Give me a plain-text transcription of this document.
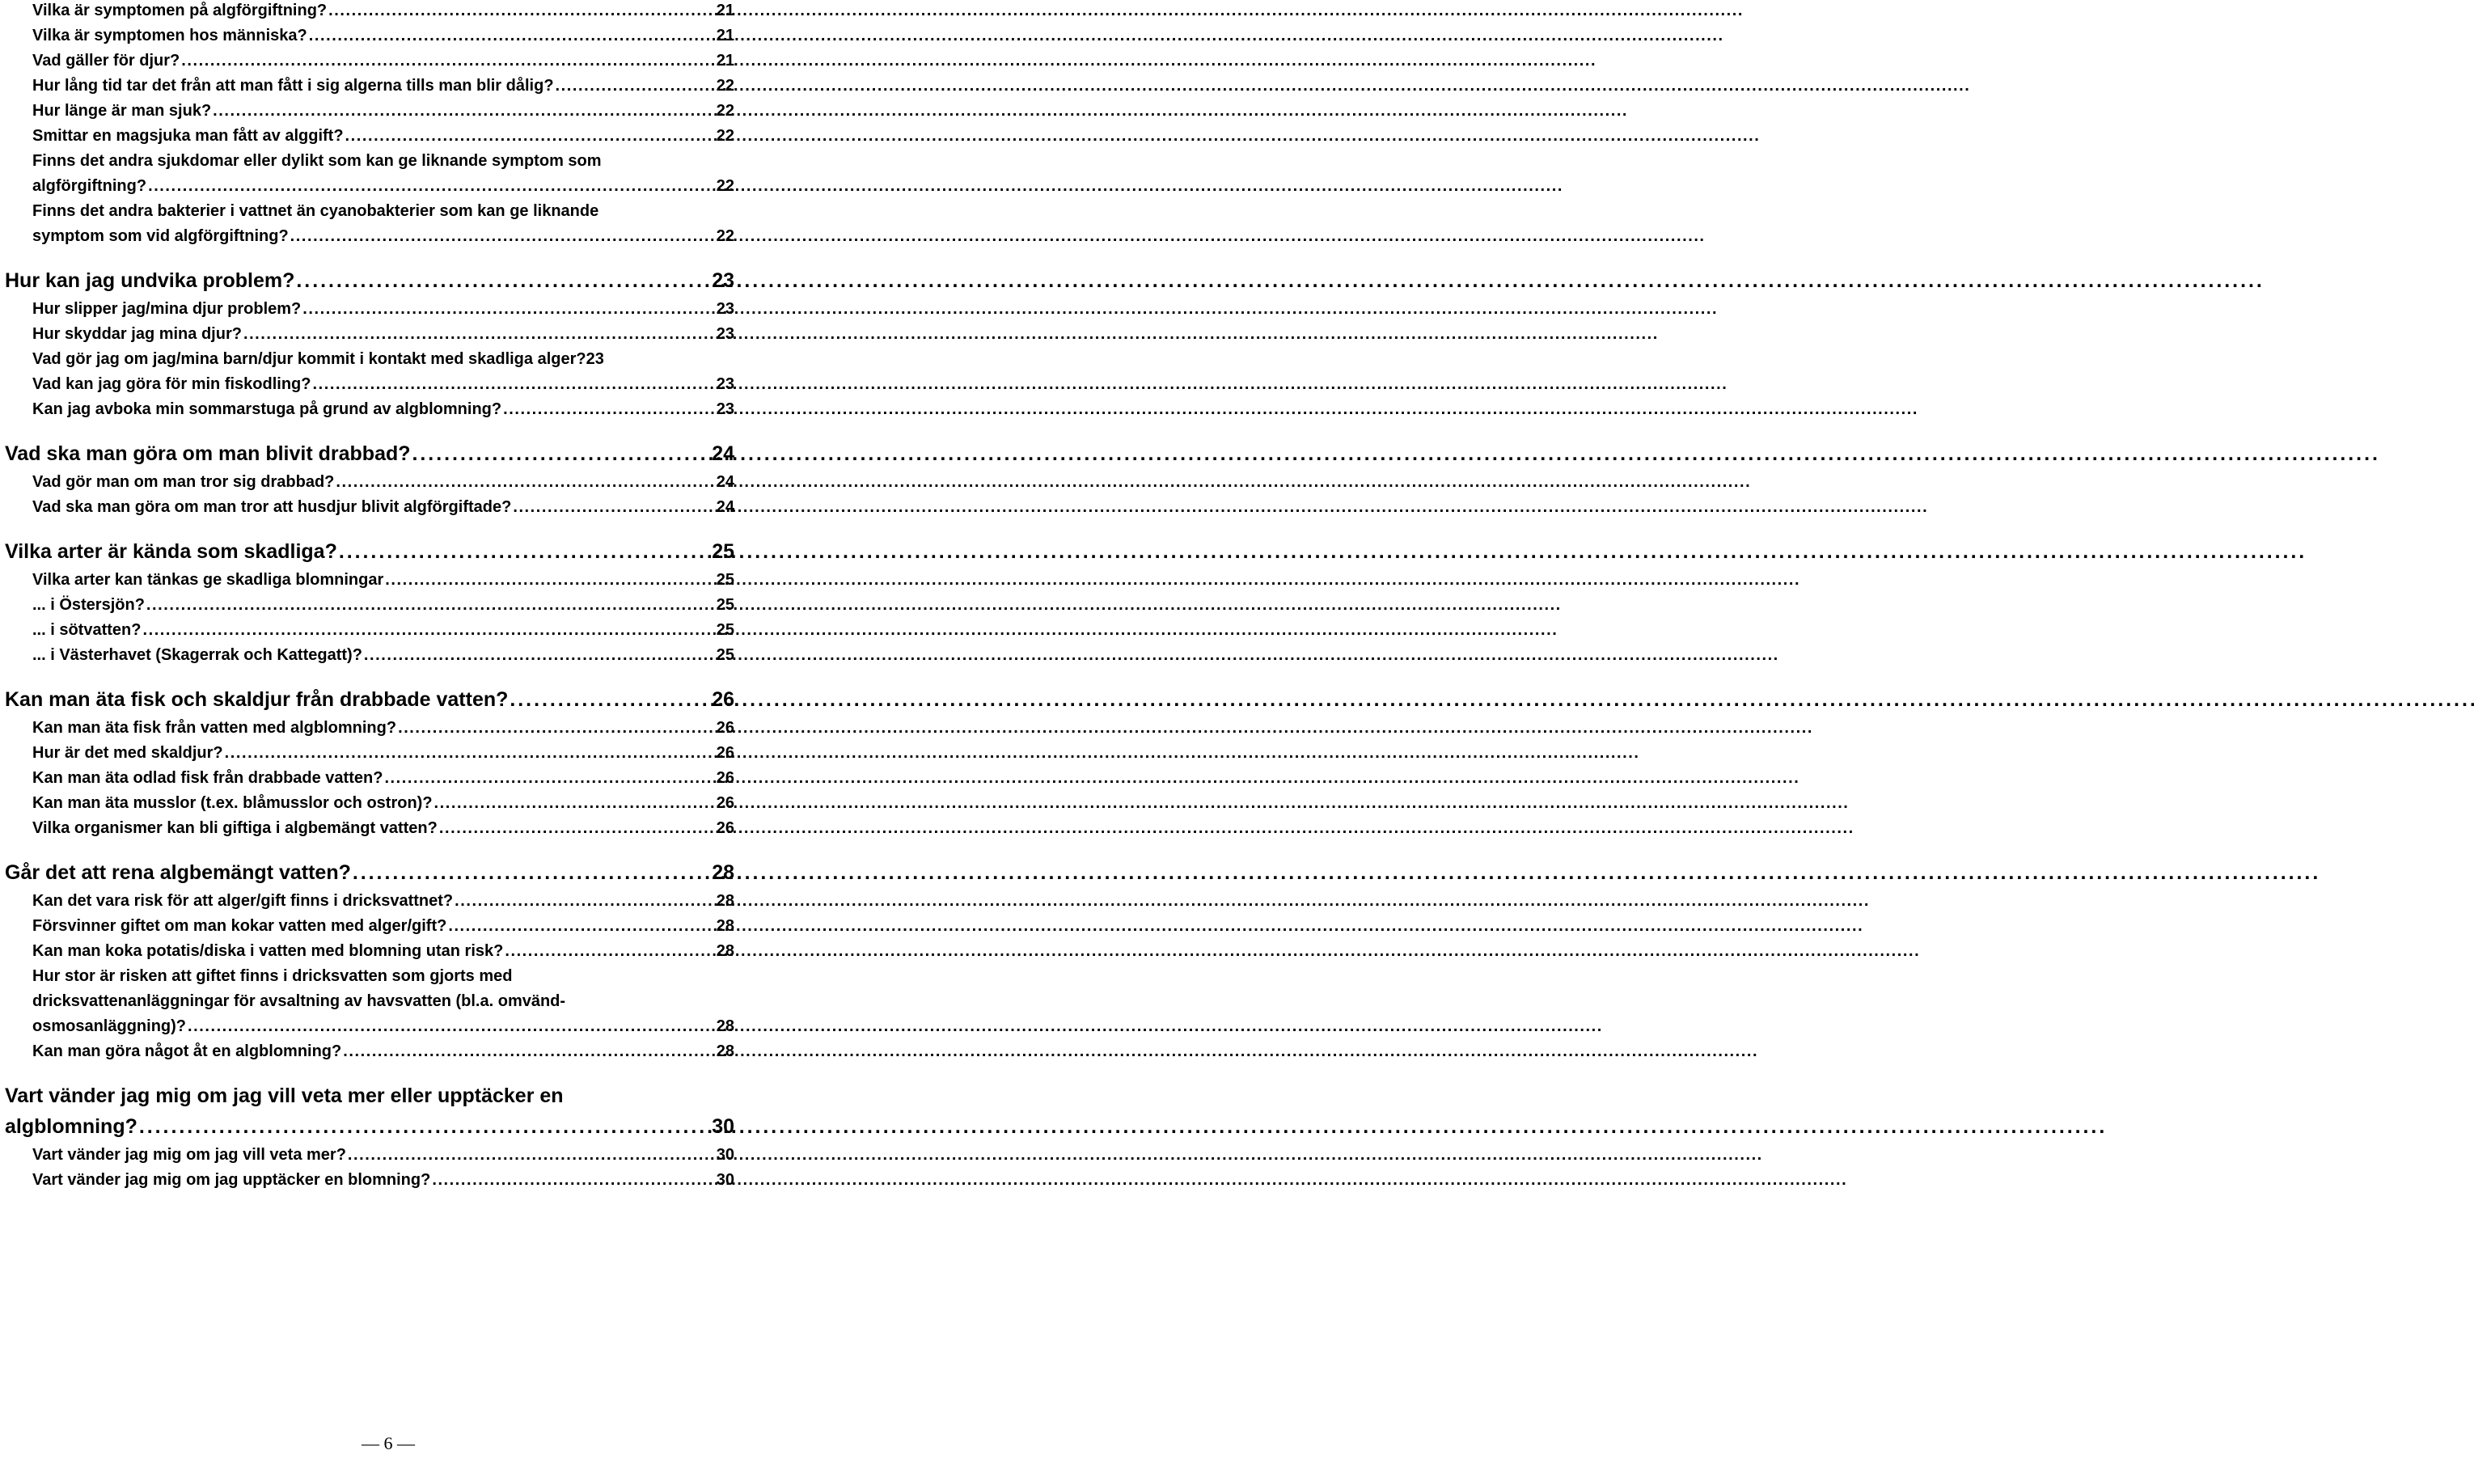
Vilka är symptomen på algförgiftning? . . .	21
Vilka är symptomen hos människa? . . .	21
Vad gäller för djur? . . .	21
Hur lång tid tar det från att man fått i sig algerna tills man blir dålig? . . .	22
Hur länge är man sjuk? . . .	22
Smittar en magsjuka man fått av alggift? . . .	22
Finns det andra sjukdomar eller dylikt som kan ge liknande symptom som
algförgiftning? . . .	22
Finns det andra bakterier i vattnet än cyanobakterier som kan ge liknande
symptom som vid algförgiftning? . . .	22
Hur kan jag undvika problem? . . .	23
Hur slipper jag/mina djur problem? . . .	23
Hur skyddar jag mina djur? . . .	23
Vad gör jag om jag/mina barn/djur kommit i kontakt med skadliga alger? 23
Vad kan jag göra för min fiskodling? . . .	23
Kan jag avboka min sommarstuga på grund av algblomning? . . .	23
Vad ska man göra om man blivit drabbad? . . .	24
Vad gör man om man tror sig drabbad? . . .	24
Vad ska man göra om man tror att husdjur blivit algförgiftade? . . .	24
Vilka arter är kända som skadliga? . . .	25
Vilka arter kan tänkas ge skadliga blomningar . . .	25
... i Östersjön? . . .	25
... i sötvatten? . . .	25
... i Västerhavet (Skagerrak och Kattegatt)? . . .	25
Kan man äta fisk och skaldjur från drabbade vatten? . . .	26
Kan man äta fisk från vatten med algblomning? . . .	26
Hur är det med skaldjur? . . .	26
Kan man äta odlad fisk från drabbade vatten? . . .	26
Kan man äta musslor (t.ex. blåmusslor och ostron)? . . .	26
Vilka organismer kan bli giftiga i algbemängt vatten? . . .	26
Går det att rena algbemängt vatten? . . .	28
Kan det vara risk för att alger/gift finns i dricksvattnet? . . .	28
Försvinner giftet om man kokar vatten med alger/gift? . . .	28
Kan man koka potatis/diska i vatten med blomning utan risk? . . .	28
Hur stor är risken att giftet finns i dricksvatten som gjorts med
dricksvattenanläggningar för avsaltning av havsvatten (bl.a. omvänd-
osmosanläggning)? . . .	28
Kan man göra något åt en algblomning? . . .	28
Vart vänder jag mig om jag vill veta mer eller upptäcker en
algblomning? . . .	30
Vart vänder jag mig om jag vill veta mer? . . .	30
Vart vänder jag mig om jag upptäcker en blomning? . . .	30
— 6 —
